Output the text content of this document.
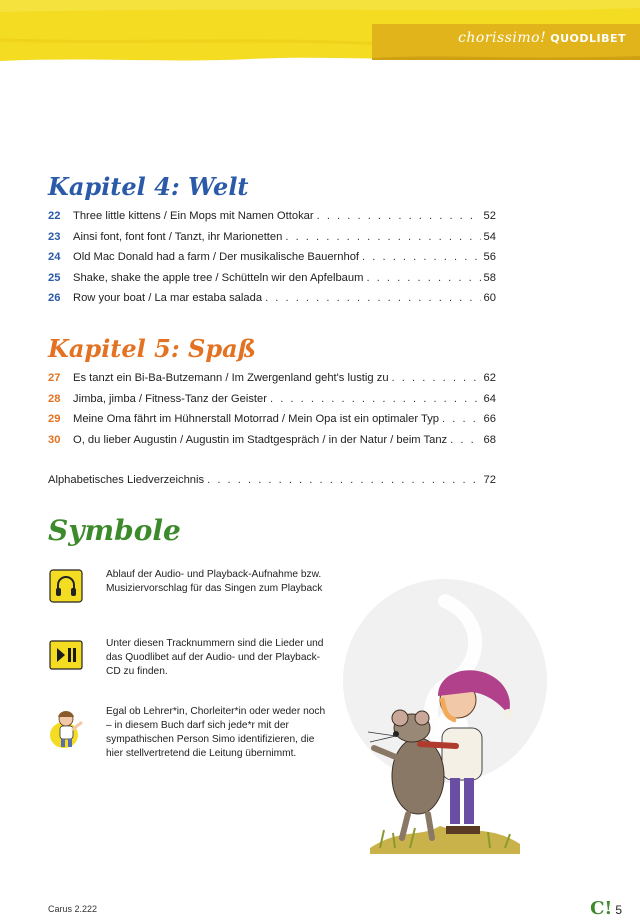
chorissimo! QUODLIBET
Kapitel 4: Welt
22	Three little kittens / Ein Mops mit Namen Ottokar . . .	52
23	Ainsi font, font font / Tanzt, ihr Marionetten . . .	54
24	Old Mac Donald had a farm / Der musikalische Bauernhof . . .	56
25	Shake, shake the apple tree / Schütteln wir den Apfelbaum . . .	58
26	Row your boat / La mar estaba salada . . .	60
Kapitel 5: Spaß
27	Es tanzt ein Bi-Ba-Butzemann / Im Zwergenland geht's lustig zu . . .	62
28	Jimba, jimba / Fitness-Tanz der Geister . . .	64
29	Meine Oma fährt im Hühnerstall Motorrad / Mein Opa ist ein optimaler Typ . . .	66
30	O, du lieber Augustin / Augustin im Stadtgespräch / in der Natur / beim Tanz . . .	68
Alphabetisches Liedverzeichnis . . .	72
Symbole
Ablauf der Audio- und Playback-Aufnahme bzw. Musiziervorschlag für das Singen zum Playback
Unter diesen Tracknummern sind die Lieder und das Quodlibet auf der Audio- und der Playback-CD zu finden.
Egal ob Lehrer*in, Chorleiter*in oder weder noch – in diesem Buch darf sich jede*r mit der sympathischen Person Simo identifizieren, die hier stellvertretend die Leitung übernimmt.
Carus 2.222	C! 5
